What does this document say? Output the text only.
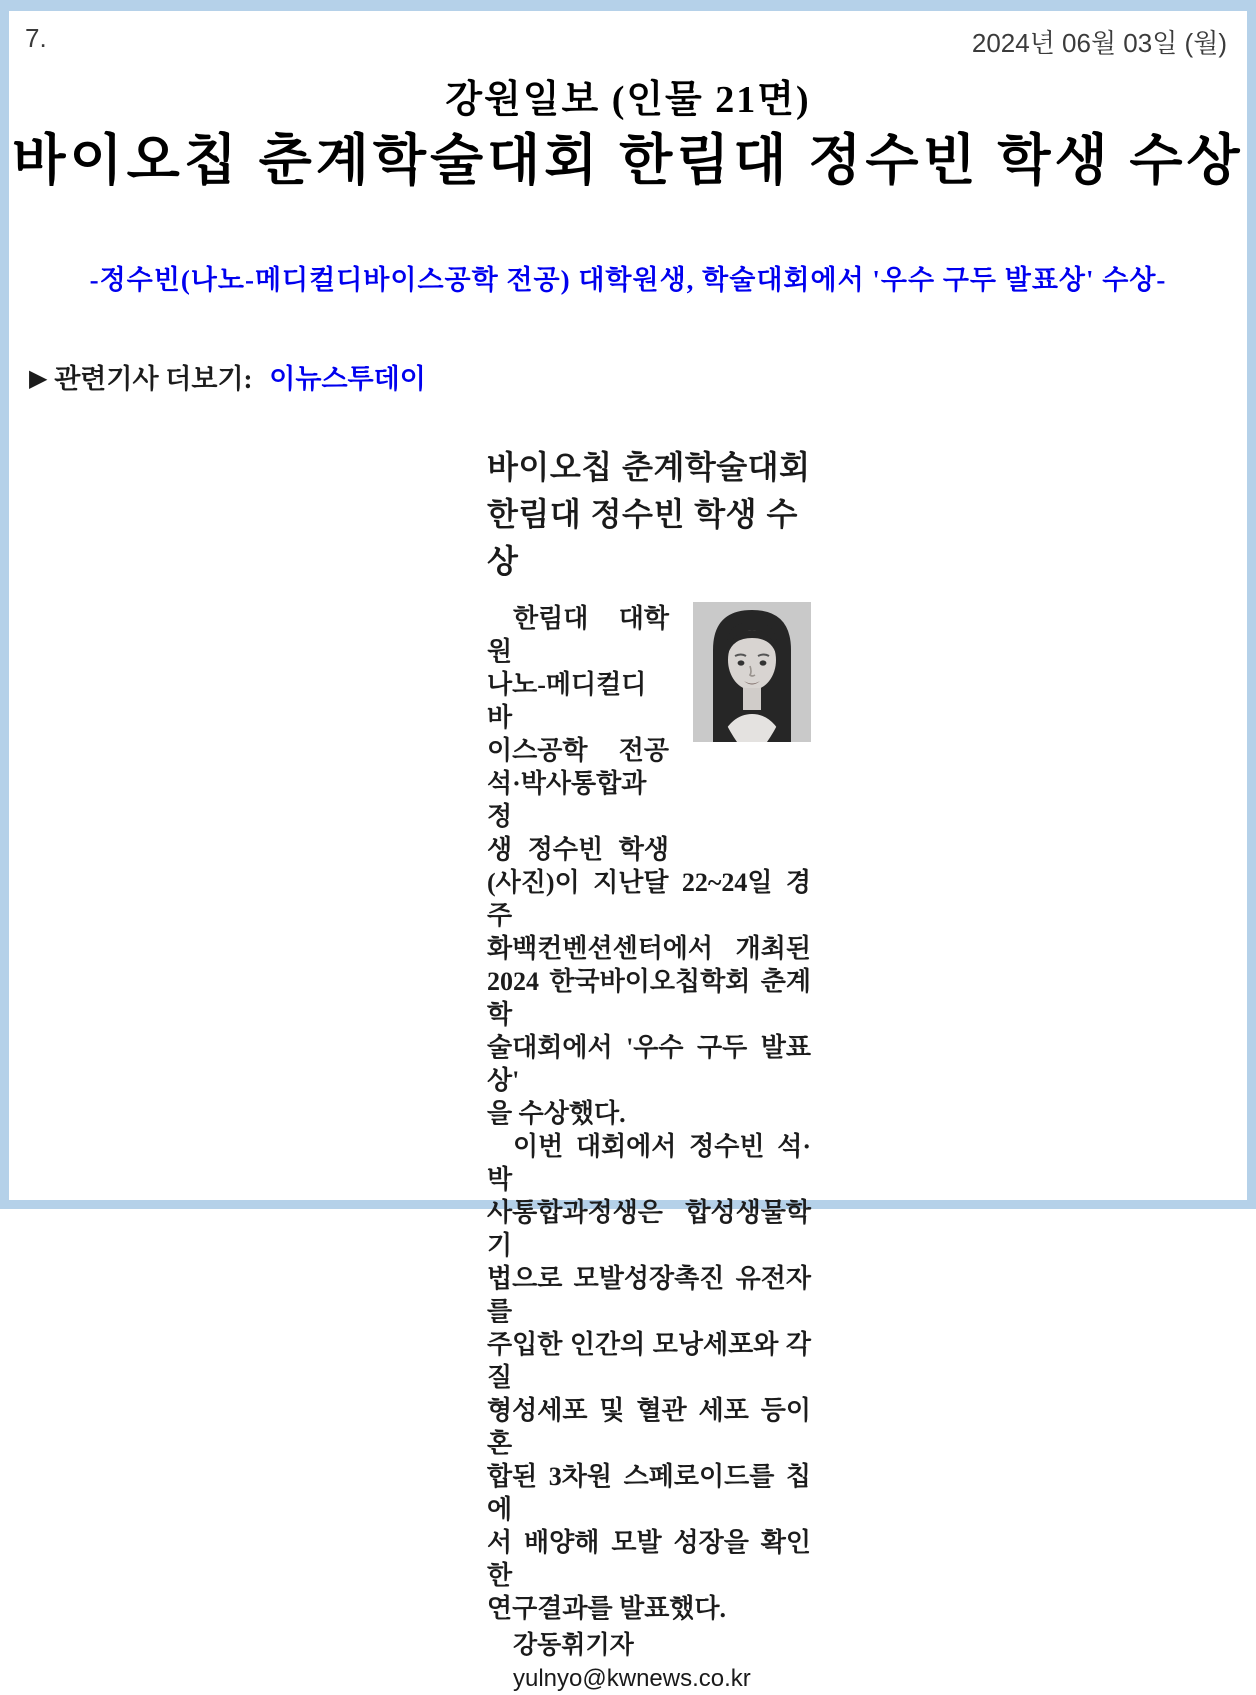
7.	2024년 06월 03일 (월)
강원일보 (인물 21면)
바이오칩 춘계학술대회 한림대 정수빈 학생 수상
-정수빈(나노-메디컬디바이스공학 전공) 대학원생, 학술대회에서 '우수 구두 발표상' 수상-
▶ 관련기사 더보기: 이뉴스투데이
바이오칩 춘계학술대회
한림대 정수빈 학생 수상
한림대 대학원
나노-메디컬디바
이스공학 전공
석·박사통합과정
생 정수빈 학생
(사진)이 지난달 22~24일 경주
화백컨벤션센터에서 개최된
2024 한국바이오칩학회 춘계학
술대회에서 '우수 구두 발표상'
을 수상했다.
이번 대회에서 정수빈 석·박
사통합과정생은 합성생물학 기
법으로 모발성장촉진 유전자를
주입한 인간의 모낭세포와 각질
형성세포 및 혈관 세포 등이 혼
합된 3차원 스페로이드를 칩에
서 배양해 모발 성장을 확인한
연구결과를 발표했다.
강동휘기자yulnyo@kwnews.co.kr
